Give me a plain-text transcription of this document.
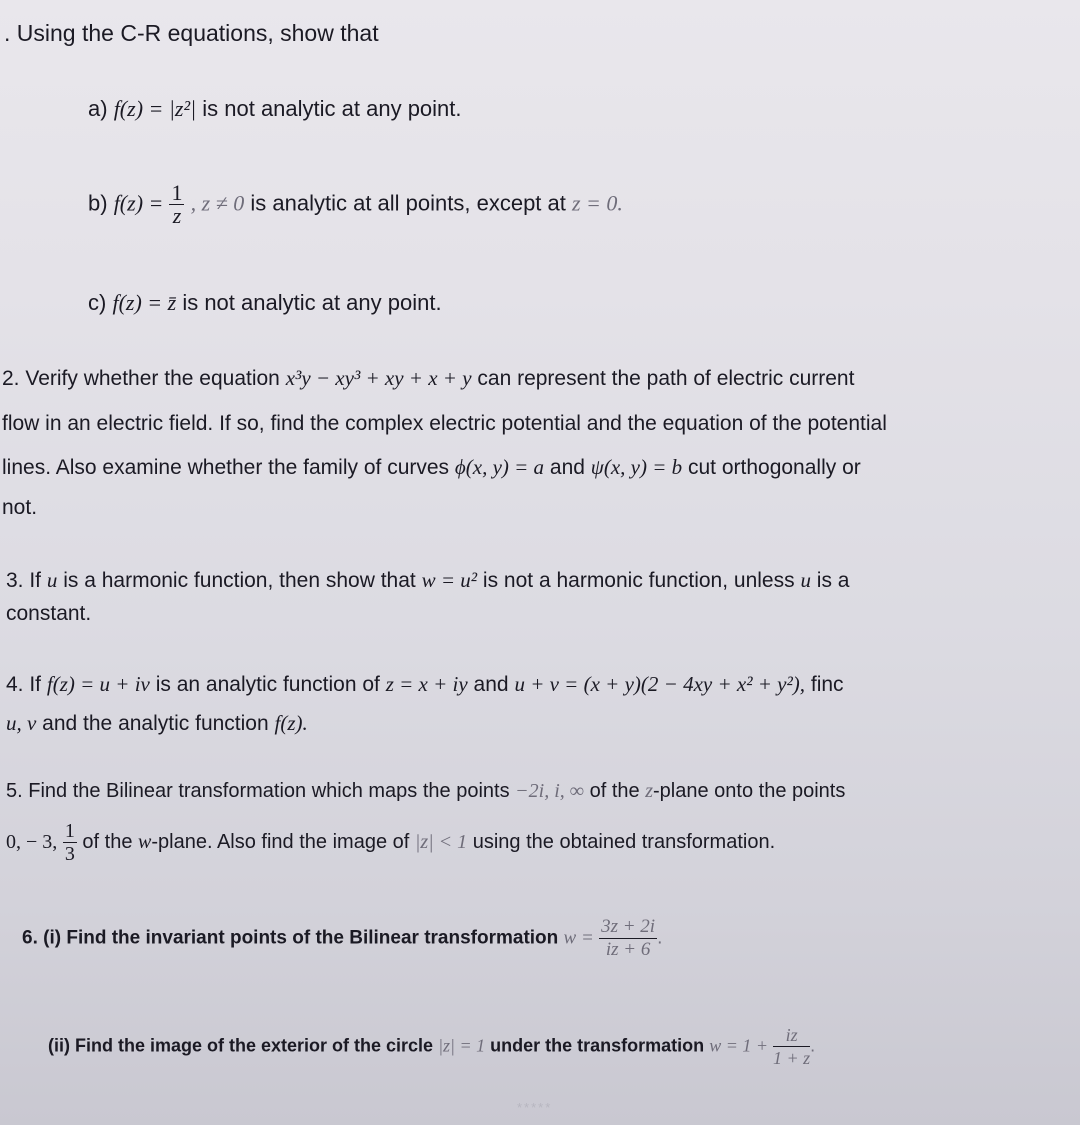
. Using the C-R equations, show that
a) f(z) = |z²| is not analytic at any point.
b) $f(z) = \frac{1}{z}$ , z ≠ 0 is analytic at all points, except at z = 0.
c) f(z) = z̄ is not analytic at any point.
2. Verify whether the equation x³y − xy³ + xy + x + y can represent the path of electric current
flow in an electric field. If so, find the complex electric potential and the equation of the potential
lines. Also examine whether the family of curves ϕ(x, y) = a and ψ(x, y) = b cut orthogonally or
not.
3. If u is a harmonic function, then show that w = u² is not a harmonic function, unless u is a
constant.
4. If f(z) = u + iv is an analytic function of z = x + iy and u + v = (x + y)(2 − 4xy + x² + y²), finc
u, v and the analytic function f(z).
5. Find the Bilinear transformation which maps the points −2i, i, ∞ of the z-plane onto the points
0, − 3, $\frac{1}{3}$ of the w-plane. Also find the image of |z| < 1 using the obtained transformation.
6. (i) Find the invariant points of the Bilinear transformation $w = \frac{3z + 2i}{iz + 6}$ .
(ii) Find the image of the exterior of the circle |z| = 1 under the transformation $w = 1 + \frac{iz}{1 + z}$ .
*****
